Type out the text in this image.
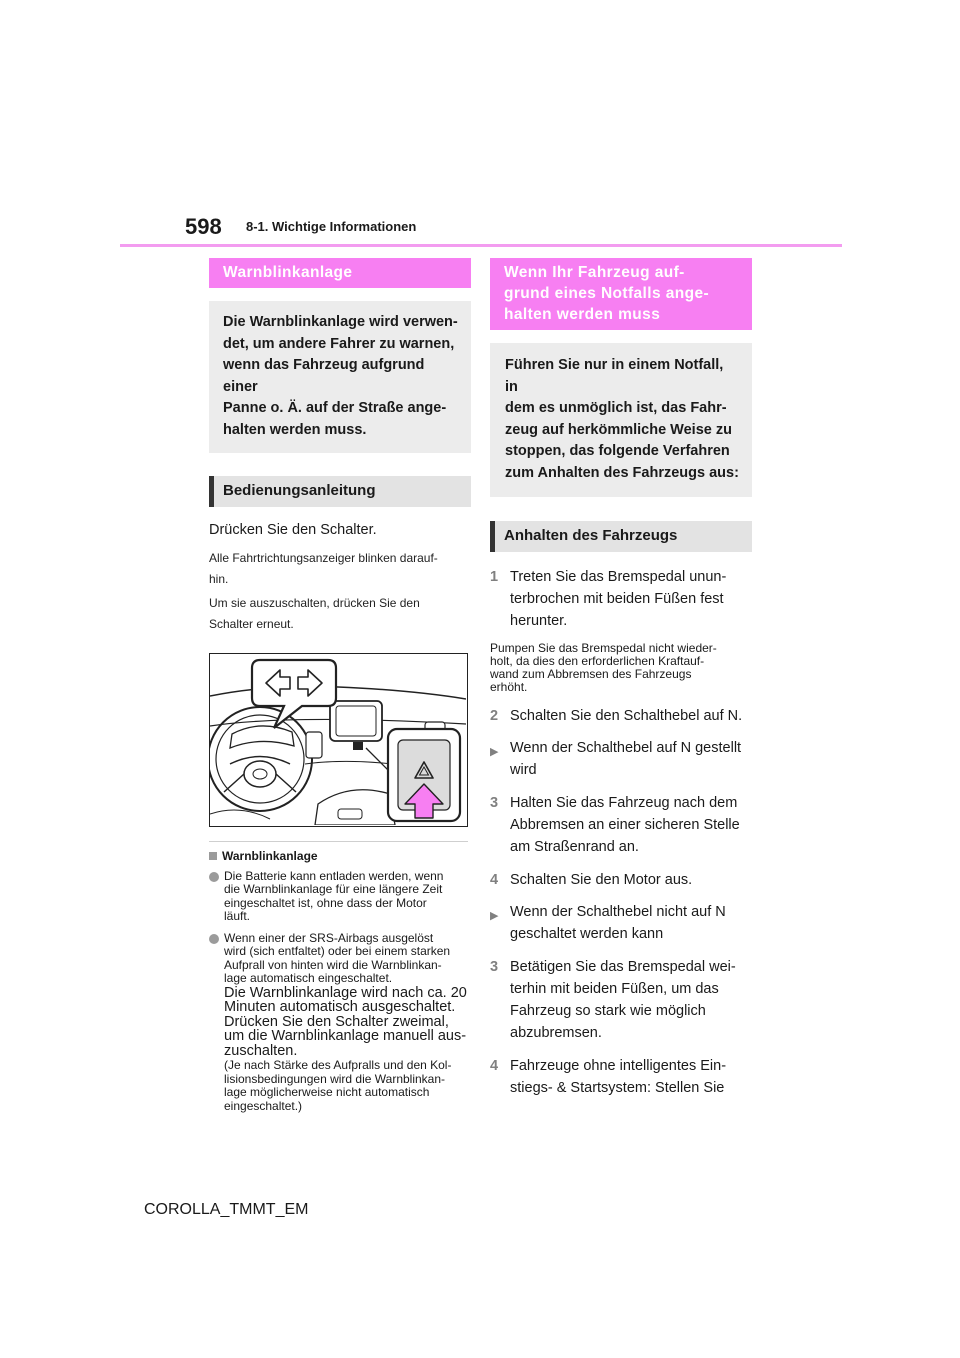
598 8-1. Wichtige Informationen
Warnblinkanlage
Die Warnblinkanlage wird verwen-
det, um andere Fahrer zu warnen,
wenn das Fahrzeug aufgrund einer
Panne o. Ä. auf der Straße ange-
halten werden muss.
Bedienungsanleitung
Drücken Sie den Schalter.
Alle Fahrtrichtungsanzeiger blinken darauf-
hin.
Um sie auszuschalten, drücken Sie den
Schalter erneut.
Warnblinkanlage
Die Batterie kann entladen werden, wenn
die Warnblinkanlage für eine längere Zeit
eingeschaltet ist, ohne dass der Motor
läuft.
Wenn einer der SRS-Airbags ausgelöst
wird (sich entfaltet) oder bei einem starken
Aufprall von hinten wird die Warnblinkan-
lage automatisch eingeschaltet.
Die Warnblinkanlage wird nach ca. 20
Minuten automatisch ausgeschaltet.
Drücken Sie den Schalter zweimal,
um die Warnblinkanlage manuell aus-
zuschalten.
(Je nach Stärke des Aufpralls und den Kol-
lisionsbedingungen wird die Warnblinkan-
lage möglicherweise nicht automatisch
eingeschaltet.)
Wenn Ihr Fahrzeug auf-
grund eines Notfalls ange-
halten werden muss
Führen Sie nur in einem Notfall, in
dem es unmöglich ist, das Fahr-
zeug auf herkömmliche Weise zu
stoppen, das folgende Verfahren
zum Anhalten des Fahrzeugs aus:
Anhalten des Fahrzeugs
1 Treten Sie das Bremspedal unun-
terbrochen mit beiden Füßen fest
herunter.
Pumpen Sie das Bremspedal nicht wieder-
holt, da dies den erforderlichen Kraftauf-
wand zum Abbremsen des Fahrzeugs
erhöht.
2 Schalten Sie den Schalthebel auf N.
▶ Wenn der Schalthebel auf N gestellt
wird
3 Halten Sie das Fahrzeug nach dem
Abbremsen an einer sicheren Stelle
am Straßenrand an.
4 Schalten Sie den Motor aus.
▶ Wenn der Schalthebel nicht auf N
geschaltet werden kann
3 Betätigen Sie das Bremspedal wei-
terhin mit beiden Füßen, um das
Fahrzeug so stark wie möglich
abzubremsen.
4 Fahrzeuge ohne intelligentes Ein-
stiegs- & Startsystem: Stellen Sie
COROLLA_TMMT_EM
